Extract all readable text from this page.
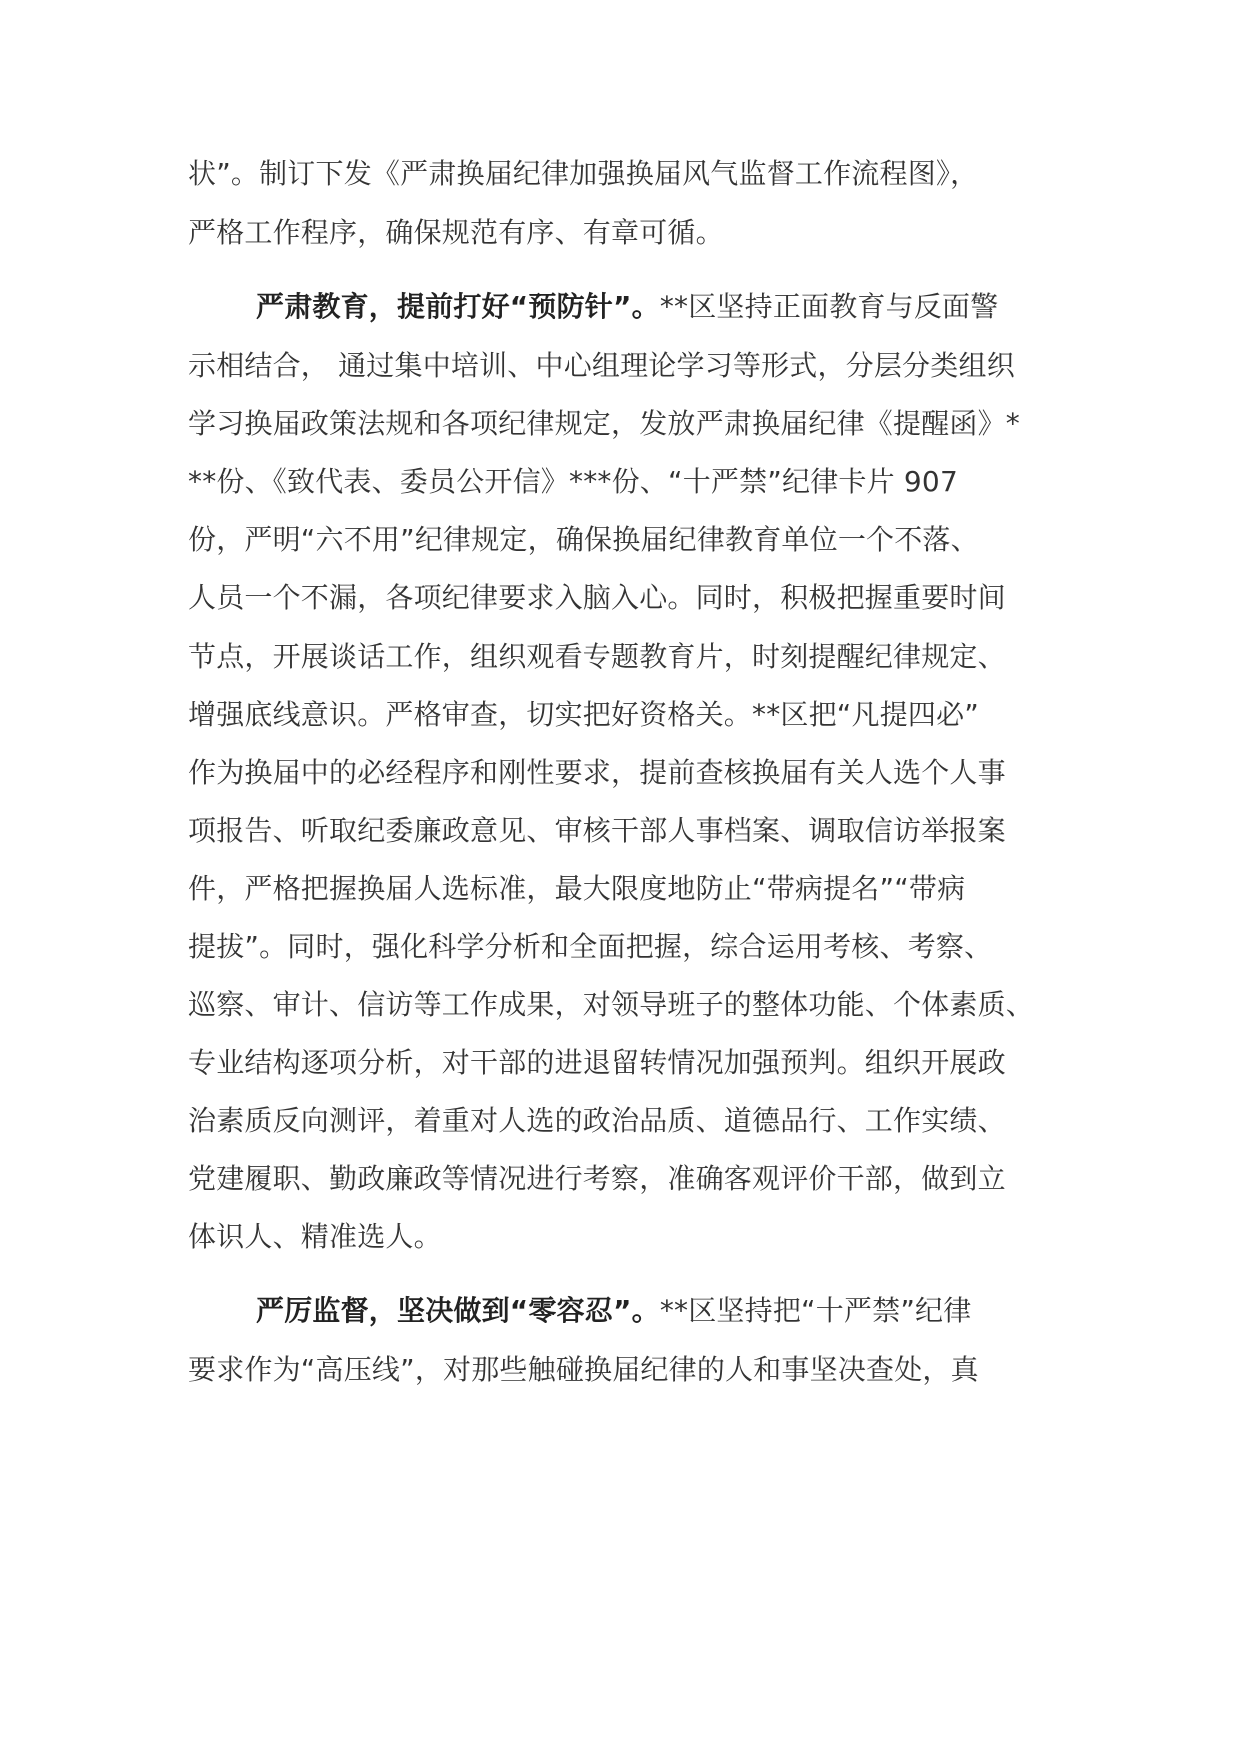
状”。制订下发《严肃换届纪律加强换届风气监督工作流程图》，
严格工作程序，确保规范有序、有章可循。
严肃教育，提前打好“预防针”。**区坚持正面教育与反面警
示相结合， 通过集中培训、中心组理论学习等形式，分层分类组织
学习换届政策法规和各项纪律规定，发放严肃换届纪律《提醒函》*
**份、《致代表、委员公开信》***份、“十严禁”纪律卡片 907
份，严明“六不用”纪律规定，确保换届纪律教育单位一个不落、
人员一个不漏，各项纪律要求入脑入心。同时，积极把握重要时间
节点，开展谈话工作，组织观看专题教育片，时刻提醒纪律规定、
增强底线意识。严格审查，切实把好资格关。**区把“凡提四必”
作为换届中的必经程序和刚性要求，提前查核换届有关人选个人事
项报告、听取纪委廉政意见、审核干部人事档案、调取信访举报案
件，严格把握换届人选标准，最大限度地防止“带病提名”“带病
提拔”。同时，强化科学分析和全面把握，综合运用考核、考察、
巡察、审计、信访等工作成果，对领导班子的整体功能、个体素质、
专业结构逐项分析，对干部的进退留转情况加强预判。组织开展政
治素质反向测评，着重对人选的政治品质、道德品行、工作实绩、
党建履职、勤政廉政等情况进行考察，准确客观评价干部，做到立
体识人、精准选人。
严厉监督，坚决做到“零容忍”。**区坚持把“十严禁”纪律
要求作为“高压线”，对那些触碰换届纪律的人和事坚决查处，真
